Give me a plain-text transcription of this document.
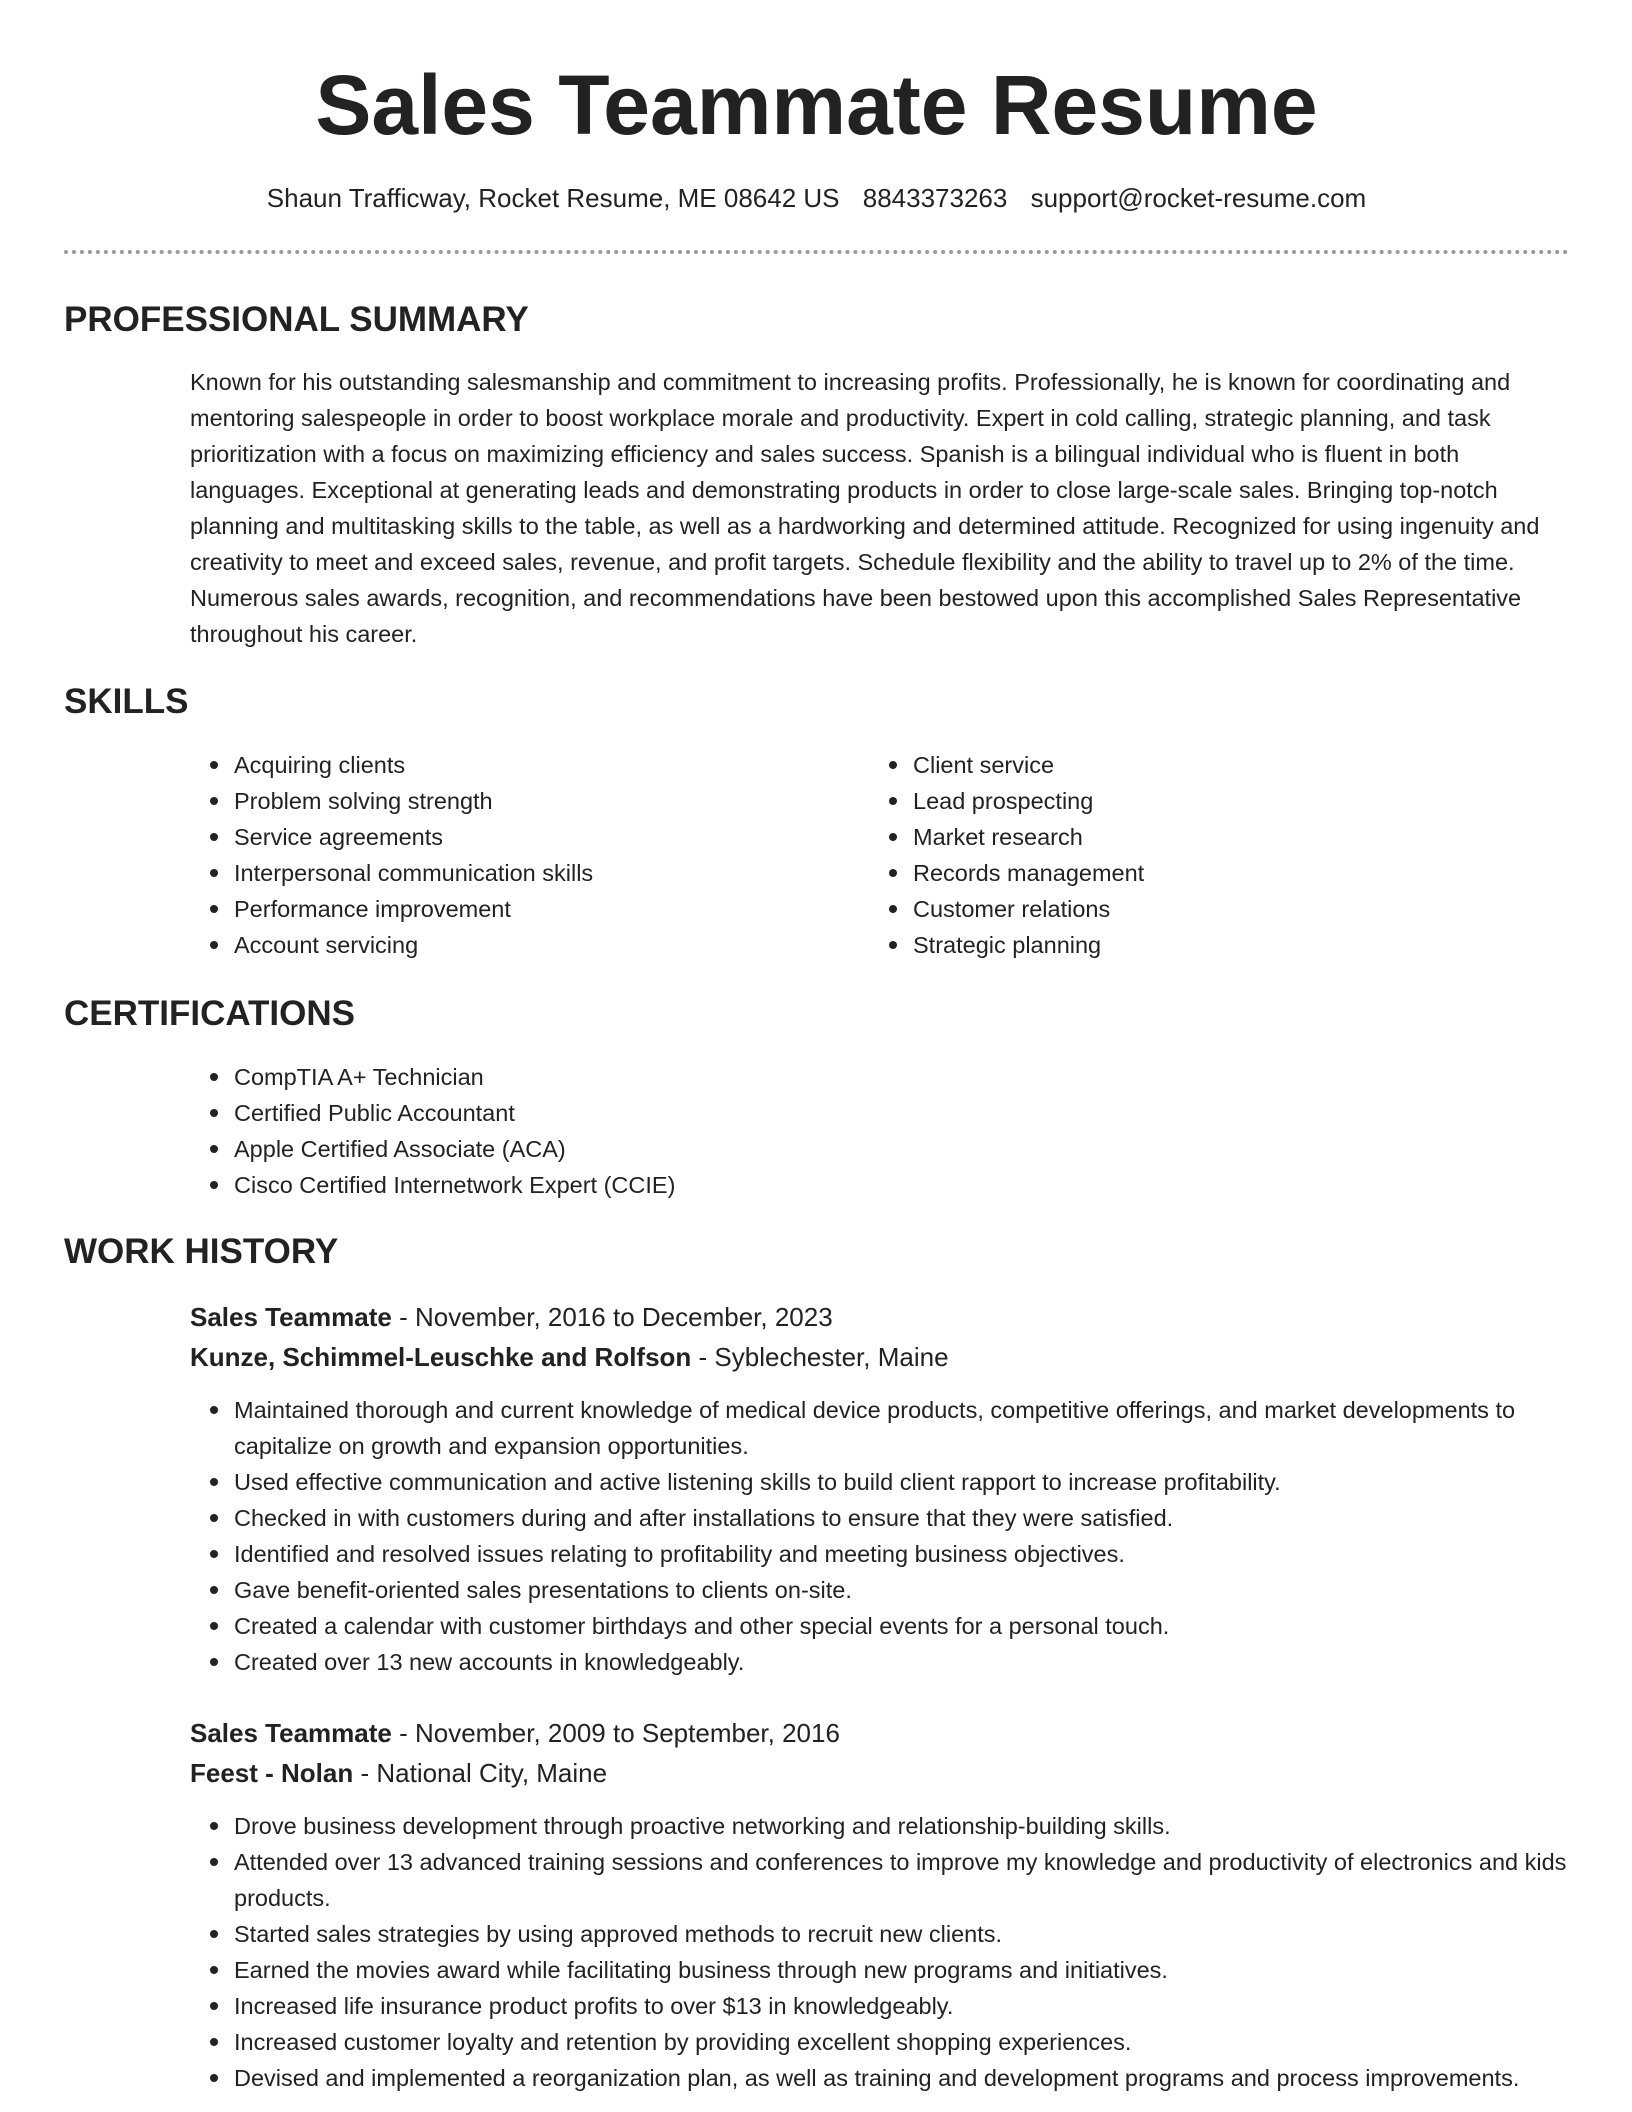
Sales Teammate Resume
Shaun Trafficway, Rocket Resume, ME 08642 US 8843373263 support@rocket-resume.com
PROFESSIONAL SUMMARY

Known for his outstanding salesmanship and commitment to increasing profits. Professionally, he is known for coordinating and mentoring salespeople in order to boost workplace morale and productivity. Expert in cold calling, strategic planning, and task prioritization with a focus on maximizing efficiency and sales success. Spanish is a bilingual individual who is fluent in both languages. Exceptional at generating leads and demonstrating products in order to close large-scale sales. Bringing top-notch planning and multitasking skills to the table, as well as a hardworking and determined attitude. Recognized for using ingenuity and creativity to meet and exceed sales, revenue, and profit targets. Schedule flexibility and the ability to travel up to 2% of the time. Numerous sales awards, recognition, and recommendations have been bestowed upon this accomplished Sales Representative throughout his career.

SKILLS
Acquiring clients
Problem solving strength
Service agreements
Interpersonal communication skills
Performance improvement
Account servicing
Client service
Lead prospecting
Market research
Records management
Customer relations
Strategic planning
CERTIFICATIONS
CompTIA A+ Technician
Certified Public Accountant
Apple Certified Associate (ACA)
Cisco Certified Internetwork Expert (CCIE)
WORK HISTORY
Sales Teammate - November, 2016 to December, 2023
Kunze, Schimmel-Leuschke and Rolfson - Syblechester, Maine
Maintained thorough and current knowledge of medical device products, competitive offerings, and market developments to capitalize on growth and expansion opportunities.
Used effective communication and active listening skills to build client rapport to increase profitability.
Checked in with customers during and after installations to ensure that they were satisfied.
Identified and resolved issues relating to profitability and meeting business objectives.
Gave benefit-oriented sales presentations to clients on-site.
Created a calendar with customer birthdays and other special events for a personal touch.
Created over 13 new accounts in knowledgeably.
Sales Teammate - November, 2009 to September, 2016
Feest - Nolan - National City, Maine
Drove business development through proactive networking and relationship-building skills.
Attended over 13 advanced training sessions and conferences to improve my knowledge and productivity of electronics and kids products.
Started sales strategies by using approved methods to recruit new clients.
Earned the movies award while facilitating business through new programs and initiatives.
Increased life insurance product profits to over $13 in knowledgeably.
Increased customer loyalty and retention by providing excellent shopping experiences.
Devised and implemented a reorganization plan, as well as training and development programs and process improvements.
